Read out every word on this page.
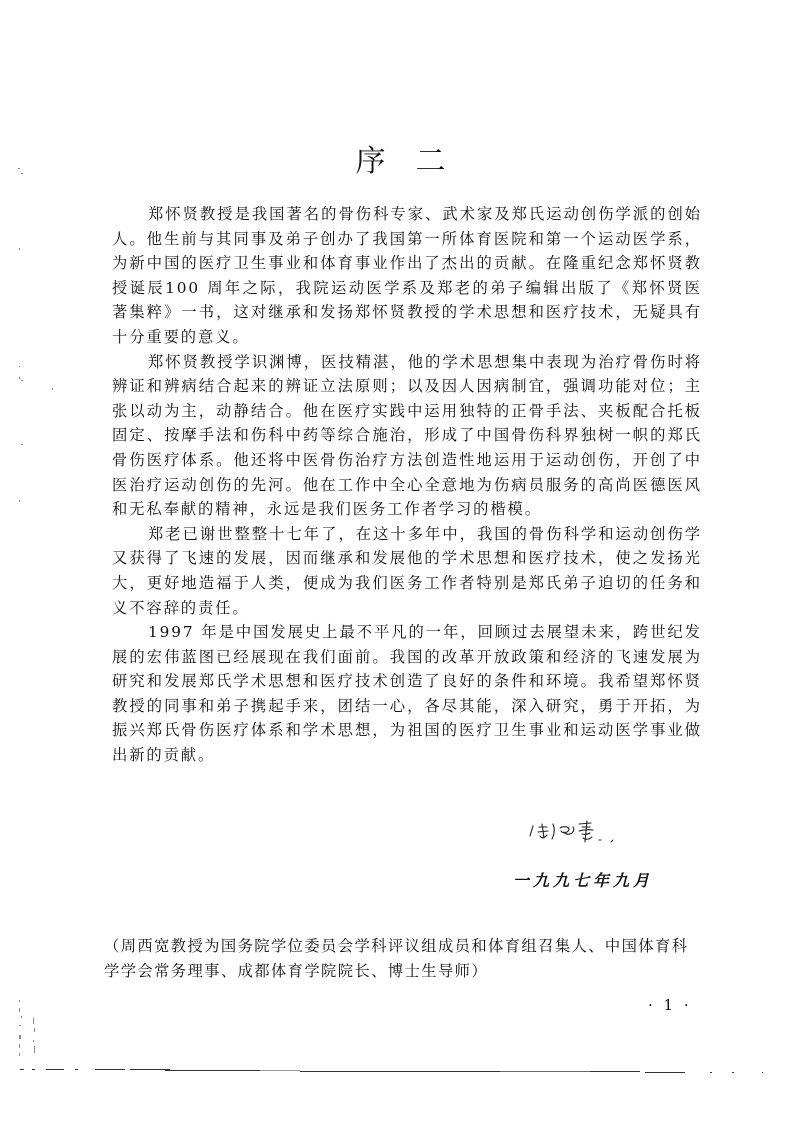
序二

郑怀贤教授是我国著名的骨伤科专家、武术家及郑氏运动创伤学派的创始人。他生前与其同事及弟子创办了我国第一所体育医院和第一个运动医学系，为新中国的医疗卫生事业和体育事业作出了杰出的贡献。在隆重纪念郑怀贤教授诞辰100 周年之际，我院运动医学系及郑老的弟子编辑出版了《郑怀贤医著集粹》一书，这对继承和发扬郑怀贤教授的学术思想和医疗技术，无疑具有十分重要的意义。

郑怀贤教授学识渊博，医技精湛，他的学术思想集中表现为治疗骨伤时将辨证和辨病结合起来的辨证立法原则；以及因人因病制宜，强调功能对位；主张以动为主，动静结合。他在医疗实践中运用独特的正骨手法、夹板配合托板固定、按摩手法和伤科中药等综合施治，形成了中国骨伤科界独树一帜的郑氏骨伤医疗体系。他还将中医骨伤治疗方法创造性地运用于运动创伤，开创了中医治疗运动创伤的先河。他在工作中全心全意地为伤病员服务的高尚医德医风和无私奉献的精神，永远是我们医务工作者学习的楷模。

郑老已谢世整整十七年了，在这十多年中，我国的骨伤科学和运动创伤学又获得了飞速的发展，因而继承和发展他的学术思想和医疗技术，使之发扬光大，更好地造福于人类，便成为我们医务工作者特别是郑氏弟子迫切的任务和义不容辞的责任。

1997 年是中国发展史上最不平凡的一年，回顾过去展望未来，跨世纪发展的宏伟蓝图已经展现在我们面前。我国的改革开放政策和经济的飞速发展为研究和发展郑氏学术思想和医疗技术创造了良好的条件和环境。我希望郑怀贤教授的同事和弟子携起手来，团结一心，各尽其能，深入研究，勇于开拓，为振兴郑氏骨伤医疗体系和学术思想，为祖国的医疗卫生事业和运动医学事业做出新的贡献。

一九九七年九月
（周西宽教授为国务院学位委员会学科评议组成员和体育组召集人、中国体育科学学会常务理事、成都体育学院院长、博士生导师）
· 1 ·
